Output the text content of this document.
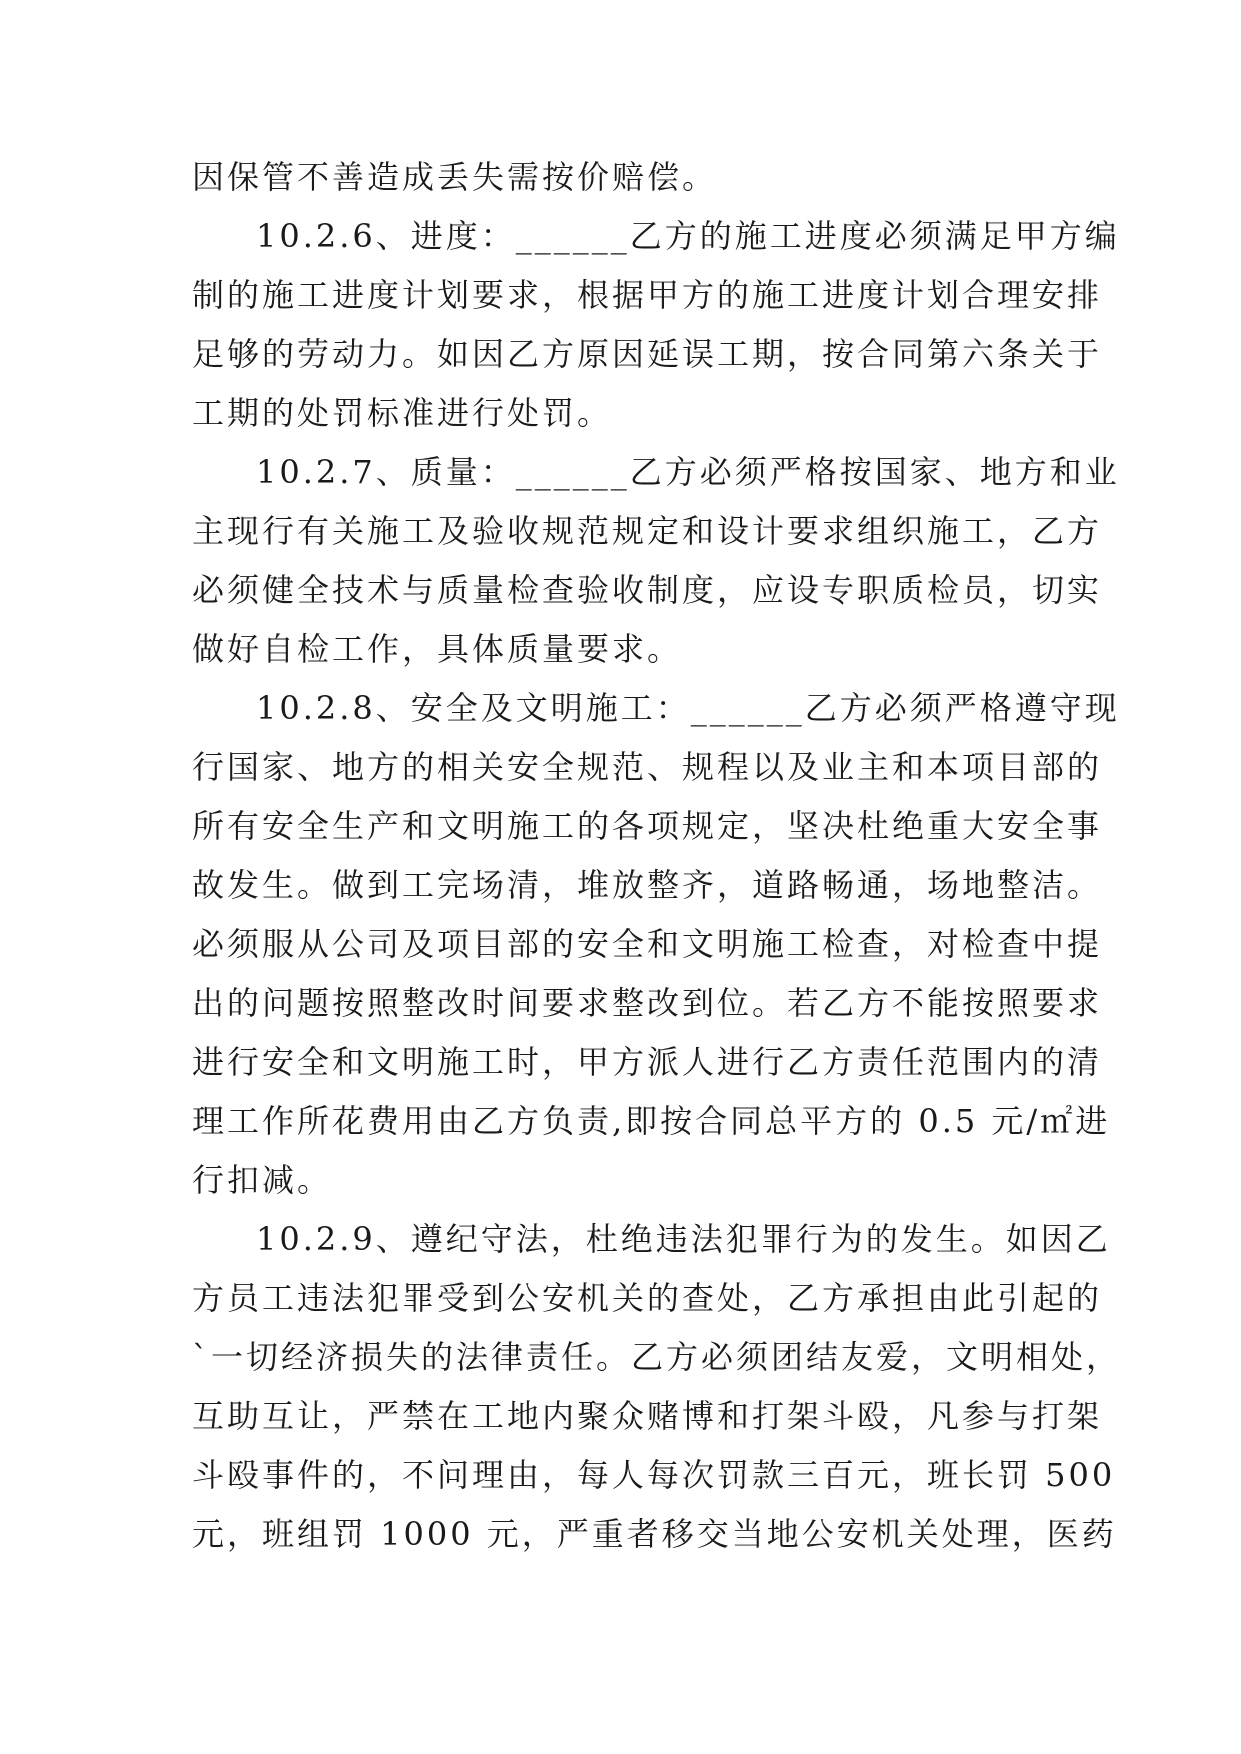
因保管不善造成丢失需按价赔偿。
10.2.6、进度：______乙方的施工进度必须满足甲方编
制的施工进度计划要求，根据甲方的施工进度计划合理安排
足够的劳动力。如因乙方原因延误工期，按合同第六条关于
工期的处罚标准进行处罚。
10.2.7、质量：______乙方必须严格按国家、地方和业
主现行有关施工及验收规范规定和设计要求组织施工，乙方
必须健全技术与质量检查验收制度，应设专职质检员，切实
做好自检工作，具体质量要求。
10.2.8、安全及文明施工：______乙方必须严格遵守现
行国家、地方的相关安全规范、规程以及业主和本项目部的
所有安全生产和文明施工的各项规定，坚决杜绝重大安全事
故发生。做到工完场清，堆放整齐，道路畅通，场地整洁。
必须服从公司及项目部的安全和文明施工检查，对检查中提
出的问题按照整改时间要求整改到位。若乙方不能按照要求
进行安全和文明施工时，甲方派人进行乙方责任范围内的清
理工作所花费用由乙方负责,即按合同总平方的 0.5 元/㎡进
行扣减。
10.2.9、遵纪守法，杜绝违法犯罪行为的发生。如因乙
方员工违法犯罪受到公安机关的查处，乙方承担由此引起的
`一切经济损失的法律责任。乙方必须团结友爱，文明相处，
互助互让，严禁在工地内聚众赌博和打架斗殴，凡参与打架
斗殴事件的，不问理由，每人每次罚款三百元，班长罚 500
元，班组罚 1000 元，严重者移交当地公安机关处理，医药
